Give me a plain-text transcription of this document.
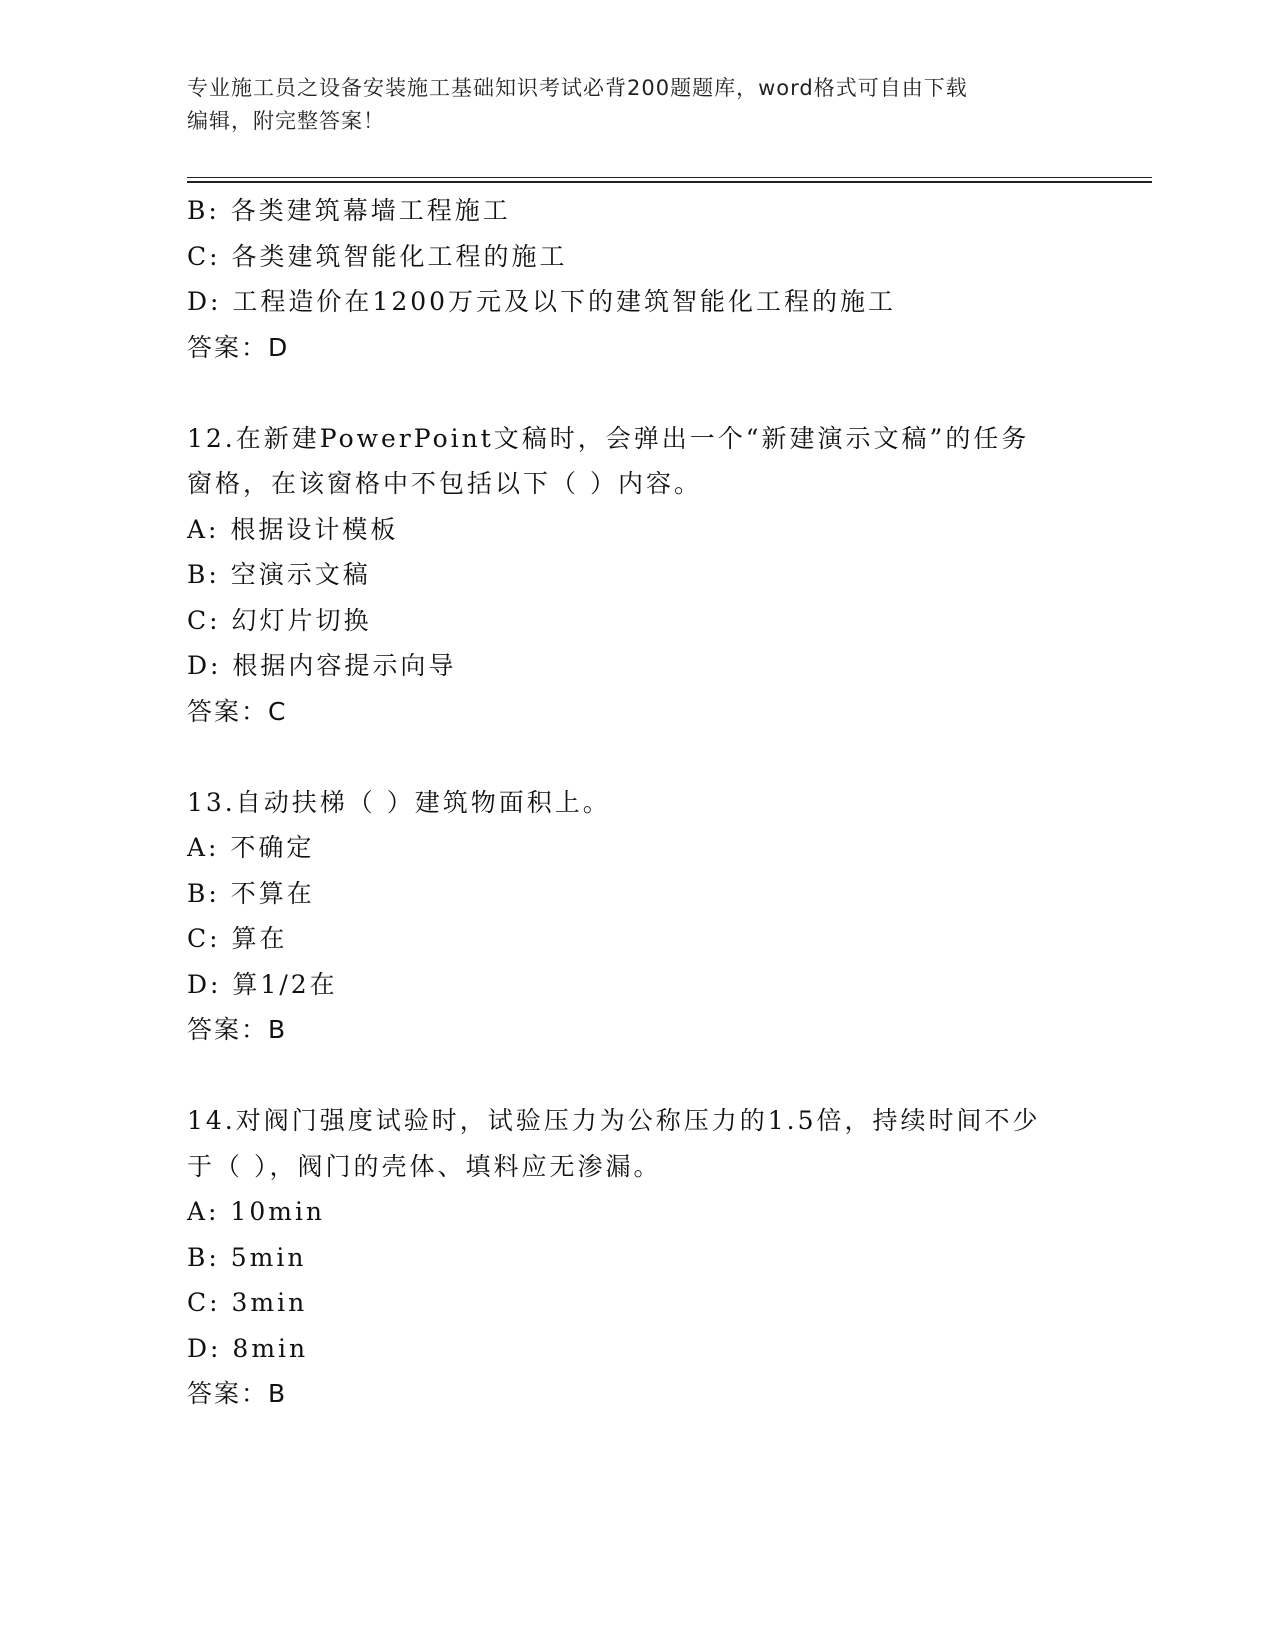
专业施工员之设备安装施工基础知识考试必背200题题库，word格式可自由下载
编辑，附完整答案！
B: 各类建筑幕墙工程施工
C: 各类建筑智能化工程的施工
D: 工程造价在1200万元及以下的建筑智能化工程的施工
答案：D
12.在新建PowerPoint文稿时，会弹出一个“新建演示文稿”的任务
窗格，在该窗格中不包括以下（ ）内容。
A: 根据设计模板
B: 空演示文稿
C: 幻灯片切换
D: 根据内容提示向导
答案：C
13.自动扶梯（ ）建筑物面积上。
A: 不确定
B: 不算在
C: 算在
D: 算1/2在
答案：B
14.对阀门强度试验时，试验压力为公称压力的1.5倍，持续时间不少
于（ ），阀门的壳体、填料应无渗漏。
A: 10min
B: 5min
C: 3min
D: 8min
答案：B
